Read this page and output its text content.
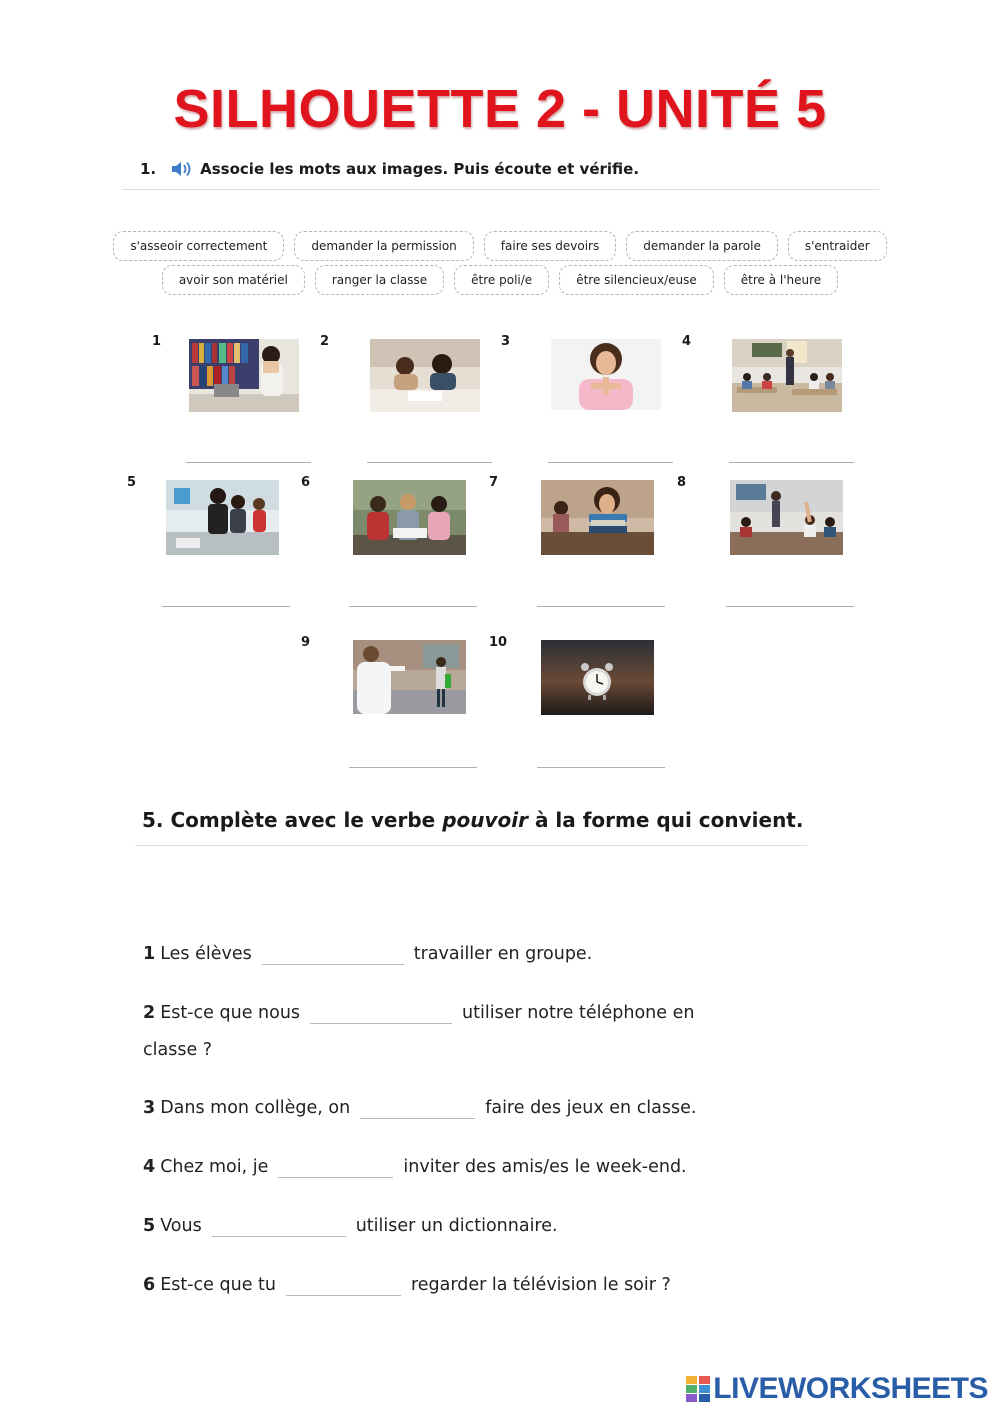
SILHOUETTE 2 - UNITÉ 5
1.	Associe les mots aux images. Puis écoute et vérifie.
s'asseoir correctement	demander la permission	faire ses devoirs	demander la parole	s'entraider
avoir son matériel	ranger la classe	être poli/e	être silencieux/euse	être à l'heure
1	2	3	4
5	6	7	8
9	10
5. Complète avec le verbe pouvoir à la forme qui convient.
1 Les élèves	travailler en groupe.
2 Est-ce que nous	utiliser notre téléphone en
classe ?
3 Dans mon collège, on	faire des jeux en classe.
4 Chez moi, je	inviter des amis/es le week-end.
5 Vous	utiliser un dictionnaire.
6 Est-ce que tu	regarder la télévision le soir ?
LIVEWORKSHEETS
